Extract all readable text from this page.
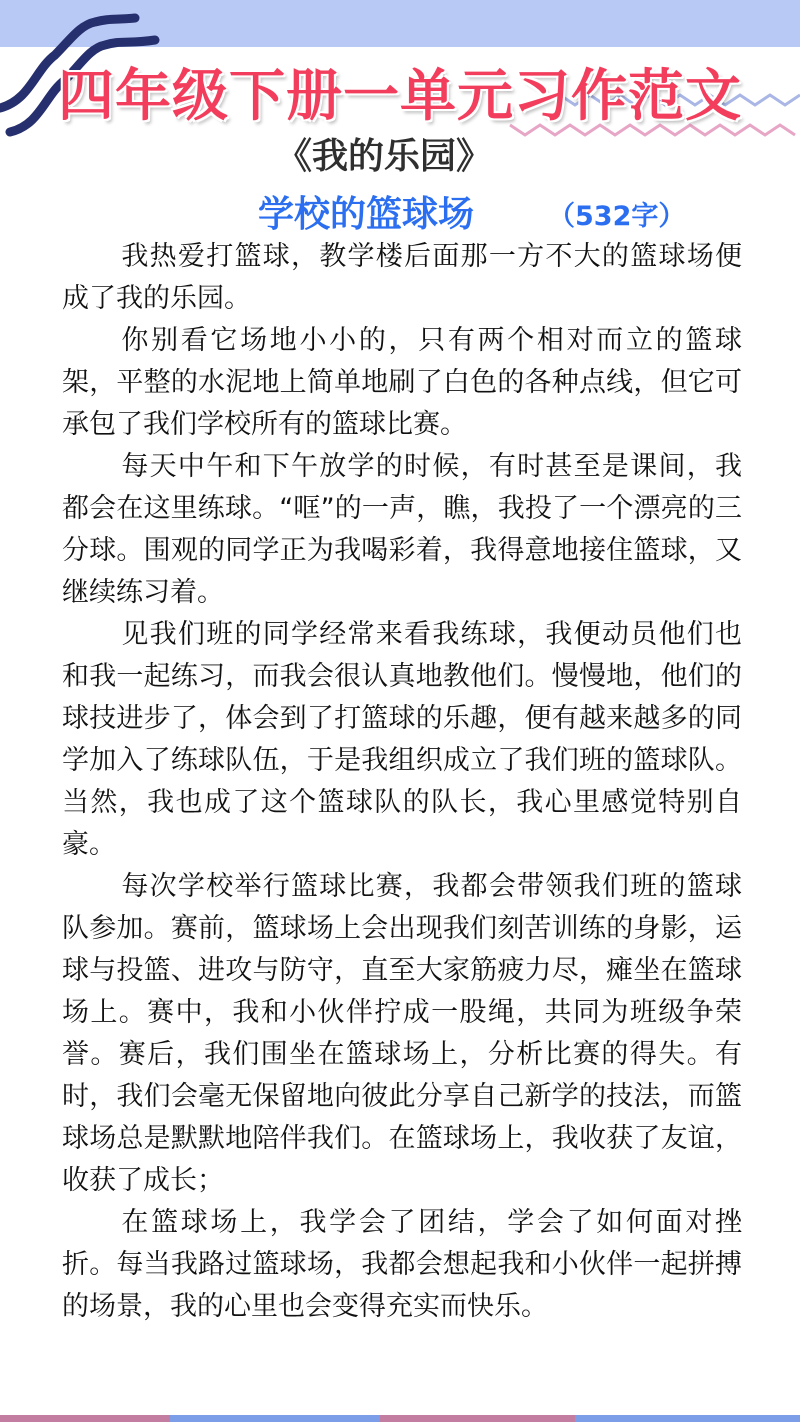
四年级下册一单元习作范文
《我的乐园》
学校的篮球场	（532字）

我热爱打篮球，教学楼后面那一方不大的篮球场便成了我的乐园。

你别看它场地小小的，只有两个相对而立的篮球架，平整的水泥地上简单地刷了白色的各种点线，但它可承包了我们学校所有的篮球比赛。

每天中午和下午放学的时候，有时甚至是课间，我都会在这里练球。“哐”的一声，瞧，我投了一个漂亮的三分球。围观的同学正为我喝彩着，我得意地接住篮球，又继续练习着。

见我们班的同学经常来看我练球，我便动员他们也和我一起练习，而我会很认真地教他们。慢慢地，他们的球技进步了，体会到了打篮球的乐趣，便有越来越多的同学加入了练球队伍，于是我组织成立了我们班的篮球队。当然，我也成了这个篮球队的队长，我心里感觉特别自豪。

每次学校举行篮球比赛，我都会带领我们班的篮球队参加。赛前，篮球场上会出现我们刻苦训练的身影，运球与投篮、进攻与防守，直至大家筋疲力尽，瘫坐在篮球场上。赛中，我和小伙伴拧成一股绳，共同为班级争荣誉。赛后，我们围坐在篮球场上，分析比赛的得失。有时，我们会毫无保留地向彼此分享自己新学的技法，而篮球场总是默默地陪伴我们。在篮球场上，我收获了友谊，收获了成长；

在篮球场上，我学会了团结，学会了如何面对挫折。每当我路过篮球场，我都会想起我和小伙伴一起拼搏的场景，我的心里也会变得充实而快乐。
